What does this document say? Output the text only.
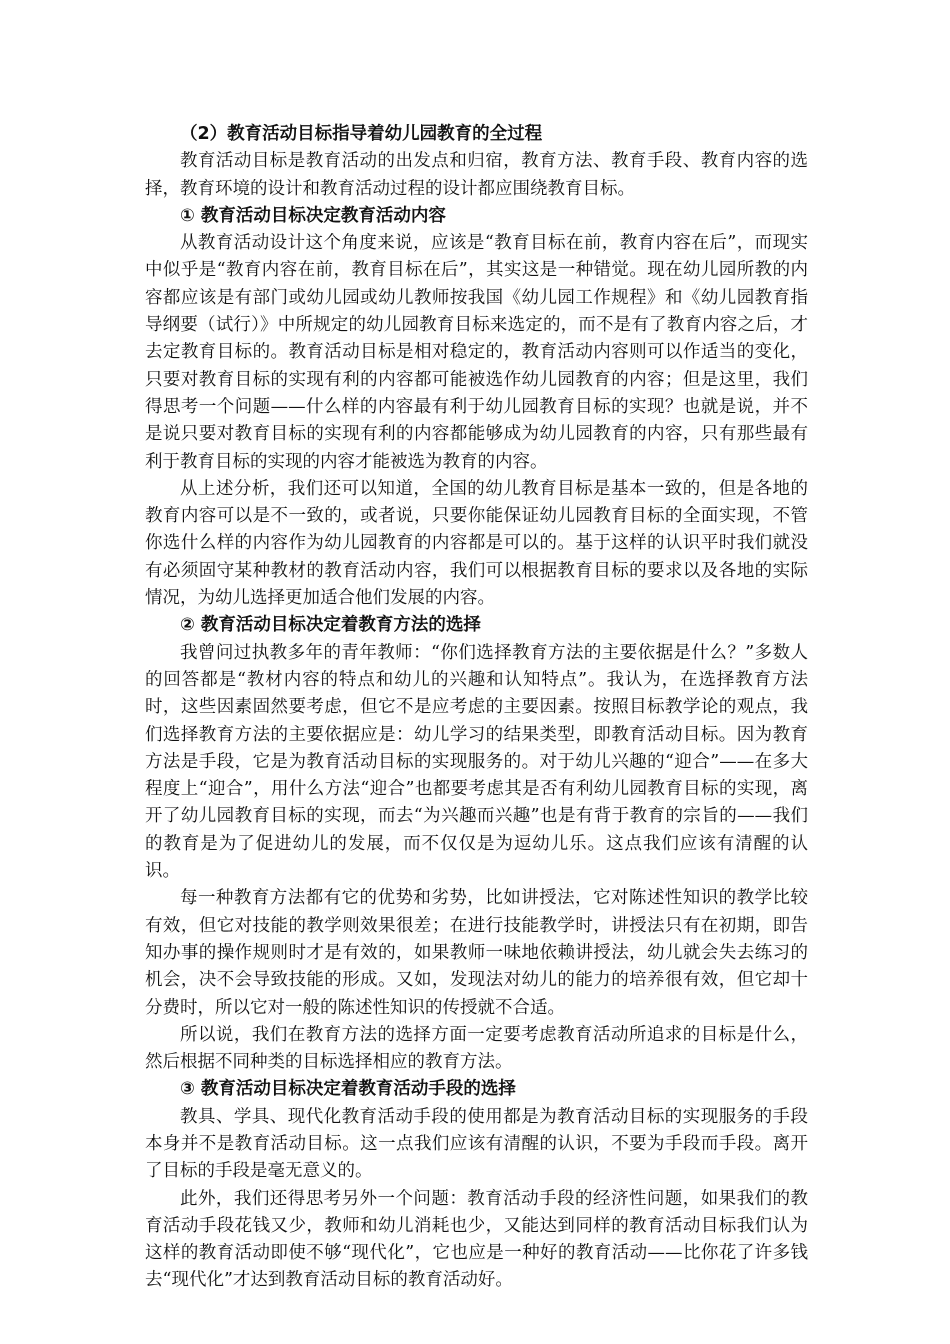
（2）教育活动目标指导着幼儿园教育的全过程

教育活动目标是教育活动的出发点和归宿，教育方法、教育手段、教育内容的选择，教育环境的设计和教育活动过程的设计都应围绕教育目标。

① 教育活动目标决定教育活动内容

从教育活动设计这个角度来说，应该是“教育目标在前，教育内容在后”，而现实中似乎是“教育内容在前，教育目标在后”，其实这是一种错觉。现在幼儿园所教的内容都应该是有部门或幼儿园或幼儿教师按我国《幼儿园工作规程》和《幼儿园教育指导纲要（试行）》中所规定的幼儿园教育目标来选定的，而不是有了教育内容之后，才去定教育目标的。教育活动目标是相对稳定的，教育活动内容则可以作适当的变化，只要对教育目标的实现有利的内容都可能被选作幼儿园教育的内容；但是这里，我们得思考一个问题——什么样的内容最有利于幼儿园教育目标的实现？也就是说，并不是说只要对教育目标的实现有利的内容都能够成为幼儿园教育的内容，只有那些最有利于教育目标的实现的内容才能被选为教育的内容。

从上述分析，我们还可以知道，全国的幼儿教育目标是基本一致的，但是各地的教育内容可以是不一致的，或者说，只要你能保证幼儿园教育目标的全面实现，不管你选什么样的内容作为幼儿园教育的内容都是可以的。基于这样的认识平时我们就没有必须固守某种教材的教育活动内容，我们可以根据教育目标的要求以及各地的实际情况，为幼儿选择更加适合他们发展的内容。

② 教育活动目标决定着教育方法的选择

我曾问过执教多年的青年教师：“你们选择教育方法的主要依据是什么？”多数人的回答都是“教材内容的特点和幼儿的兴趣和认知特点”。我认为，在选择教育方法时，这些因素固然要考虑，但它不是应考虑的主要因素。按照目标教学论的观点，我们选择教育方法的主要依据应是：幼儿学习的结果类型，即教育活动目标。因为教育方法是手段，它是为教育活动目标的实现服务的。对于幼儿兴趣的“迎合”——在多大程度上“迎合”，用什么方法“迎合”也都要考虑其是否有利幼儿园教育目标的实现，离开了幼儿园教育目标的实现，而去“为兴趣而兴趣”也是有背于教育的宗旨的——我们的教育是为了促进幼儿的发展，而不仅仅是为逗幼儿乐。这点我们应该有清醒的认识。

每一种教育方法都有它的优势和劣势，比如讲授法，它对陈述性知识的教学比较有效，但它对技能的教学则效果很差；在进行技能教学时，讲授法只有在初期，即告知办事的操作规则时才是有效的，如果教师一味地依赖讲授法，幼儿就会失去练习的机会，决不会导致技能的形成。又如，发现法对幼儿的能力的培养很有效，但它却十分费时，所以它对一般的陈述性知识的传授就不合适。

所以说，我们在教育方法的选择方面一定要考虑教育活动所追求的目标是什么，然后根据不同种类的目标选择相应的教育方法。

③ 教育活动目标决定着教育活动手段的选择

教具、学具、现代化教育活动手段的使用都是为教育活动目标的实现服务的手段本身并不是教育活动目标。这一点我们应该有清醒的认识，不要为手段而手段。离开了目标的手段是毫无意义的。

此外，我们还得思考另外一个问题：教育活动手段的经济性问题，如果我们的教育活动手段花钱又少，教师和幼儿消耗也少，又能达到同样的教育活动目标我们认为这样的教育活动即使不够“现代化”，它也应是一种好的教育活动——比你花了许多钱去“现代化”才达到教育活动目标的教育活动好。
